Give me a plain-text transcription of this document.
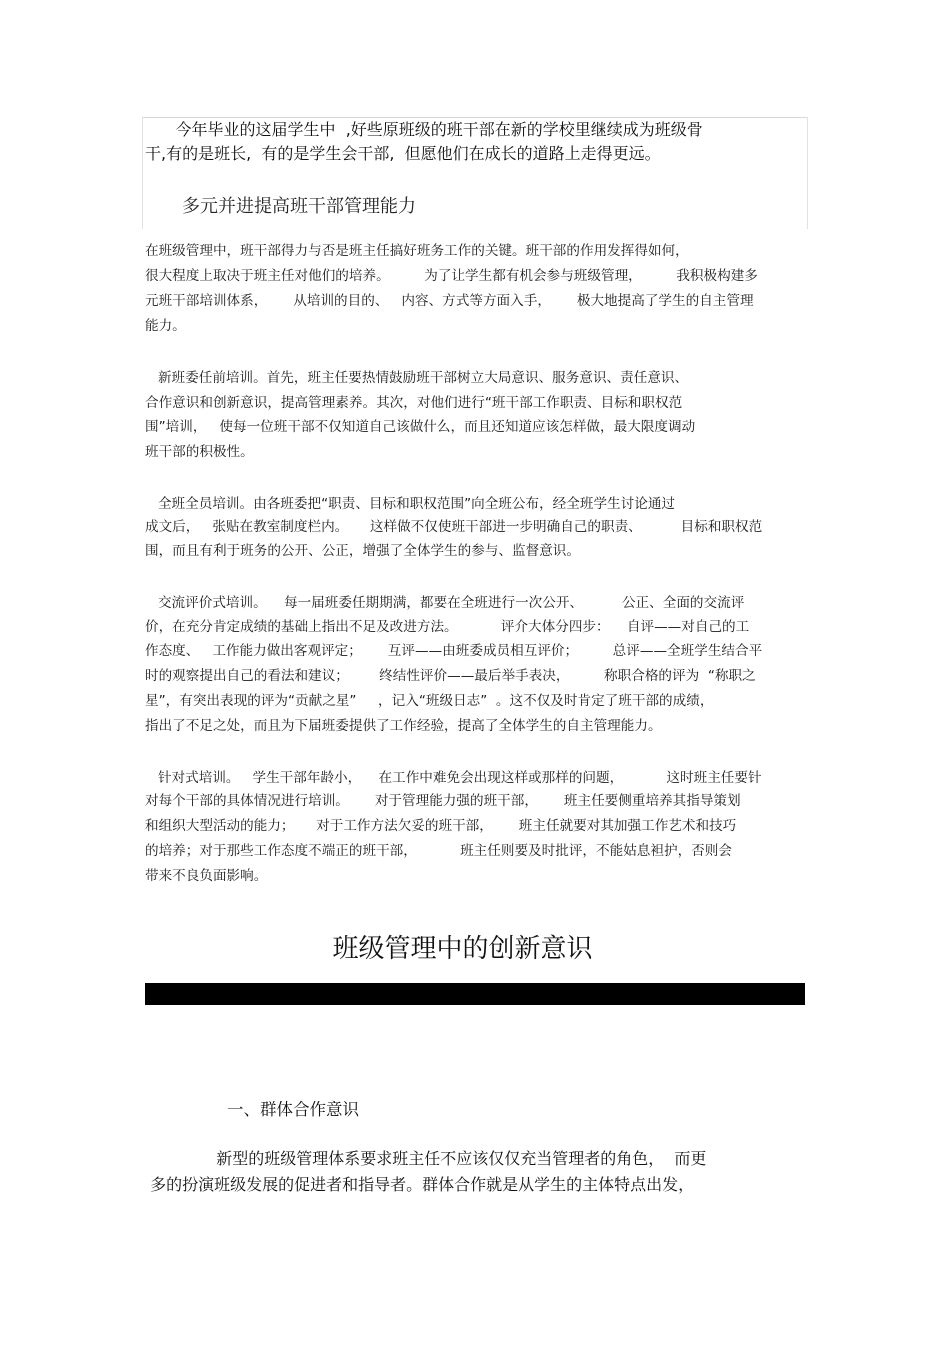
今年毕业的这届学生中  ,好些原班级的班干部在新的学校里继续成为班级骨
干,有的是班长,  有的是学生会干部,  但愿他们在成长的道路上走得更远。
多元并进提高班干部管理能力
在班级管理中，班干部得力与否是班主任搞好班务工作的关键。班干部的作用发挥得如何，
很大程度上取决于班主任对他们的培养。        为了让学生都有机会参与班级管理，        我积极构建多
元班干部培训体系，      从培训的目的、   内容、方式等方面入手，      极大地提高了学生的自主管理
能力。
新班委任前培训。首先，班主任要热情鼓励班干部树立大局意识、服务意识、责任意识、
合作意识和创新意识，提高管理素养。其次，对他们进行“班干部工作职责、目标和职权范
围”培训，   使每一位班干部不仅知道自己该做什么，而且还知道应该怎样做，最大限度调动
班干部的积极性。
全班全员培训。由各班委把“职责、目标和职权范围”向全班公布，经全班学生讨论通过
成文后，   张贴在教室制度栏内。     这样做不仅使班干部进一步明确自己的职责、         目标和职权范
围，而且有利于班务的公开、公正，增强了全体学生的参与、监督意识。
交流评价式培训。    每一届班委任期期满，都要在全班进行一次公开、         公正、全面的交流评
价，在充分肯定成绩的基础上指出不足及改进方法。          评介大体分四步：    自评——对自己的工
作态度、   工作能力做出客观评定；      互评——由班委成员相互评价；        总评——全班学生结合平
时的观察提出自己的看法和建议；       终结性评价——最后举手表决，        称职合格的评为  “称职之
星”，有突出表现的评为“贡献之星”     ，记入“班级日志”  。这不仅及时肯定了班干部的成绩，
指出了不足之处，而且为下届班委提供了工作经验，提高了全体学生的自主管理能力。
针对式培训。   学生干部年龄小，    在工作中难免会出现这样或那样的问题，          这时班主任要针
对每个干部的具体情况进行培训。      对于管理能力强的班干部，      班主任要侧重培养其指导策划
和组织大型活动的能力；     对于工作方法欠妥的班干部，      班主任就要对其加强工作艺术和技巧
的培养；对于那些工作态度不端正的班干部，          班主任则要及时批评，不能姑息袒护，否则会
带来不良负面影响。
班级管理中的创新意识
一、群体合作意识
新型的班级管理体系要求班主任不应该仅仅充当管理者的角色，  而更
多的扮演班级发展的促进者和指导者。群体合作就是从学生的主体特点出发，
